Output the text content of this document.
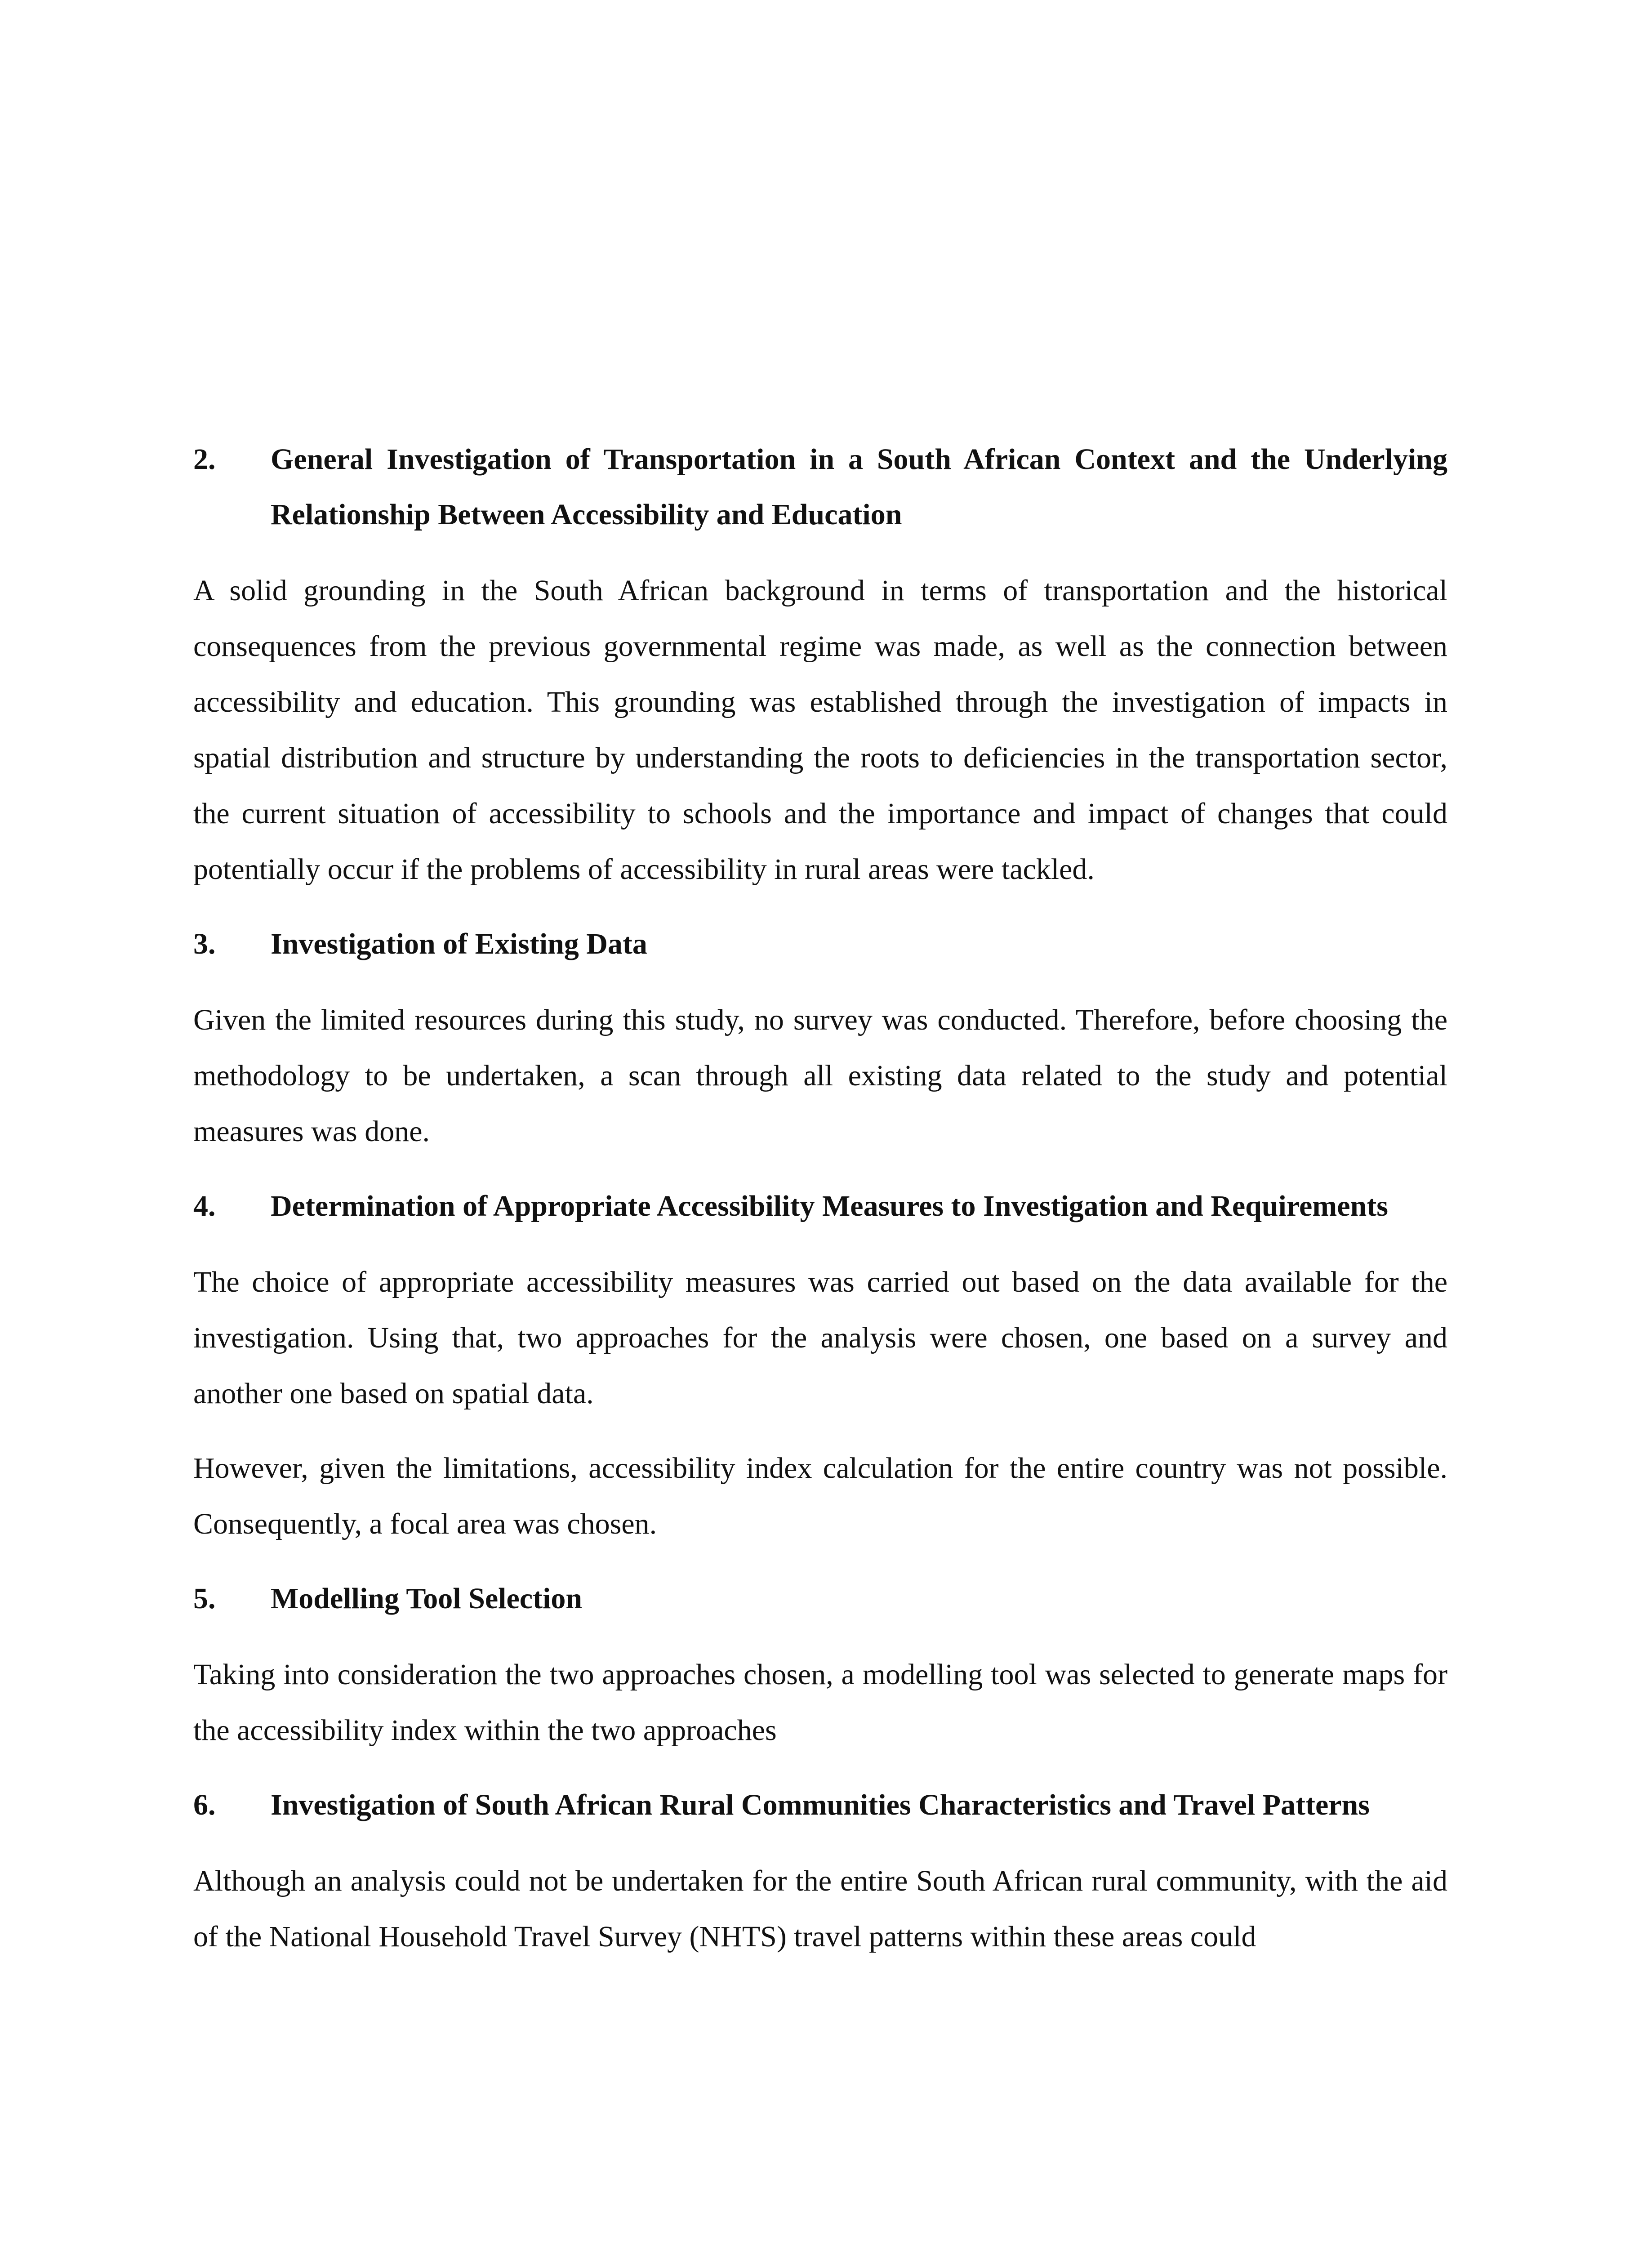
2.	General Investigation of Transportation in a South African Context and the Underlying Relationship Between Accessibility and Education

A solid grounding in the South African background in terms of transportation and the historical consequences from the previous governmental regime was made, as well as the connection between accessibility and education. This grounding was established through the investigation of impacts in spatial distribution and structure by understanding the roots to deficiencies in the transportation sector, the current situation of accessibility to schools and the importance and impact of changes that could potentially occur if the problems of accessibility in rural areas were tackled.

3.	Investigation of Existing Data

Given the limited resources during this study, no survey was conducted. Therefore, before choosing the methodology to be undertaken, a scan through all existing data related to the study and potential measures was done.

4.	Determination of Appropriate Accessibility Measures to Investigation and Requirements

The choice of appropriate accessibility measures was carried out based on the data available for the investigation. Using that, two approaches for the analysis were chosen, one based on a survey and another one based on spatial data.

However, given the limitations, accessibility index calculation for the entire country was not possible. Consequently, a focal area was chosen.

5.	Modelling Tool Selection

Taking into consideration the two approaches chosen, a modelling tool was selected to generate maps for the accessibility index within the two approaches

6.	Investigation of South African Rural Communities Characteristics and Travel Patterns

Although an analysis could not be undertaken for the entire South African rural community, with the aid of the National Household Travel Survey (NHTS) travel patterns within these areas could
